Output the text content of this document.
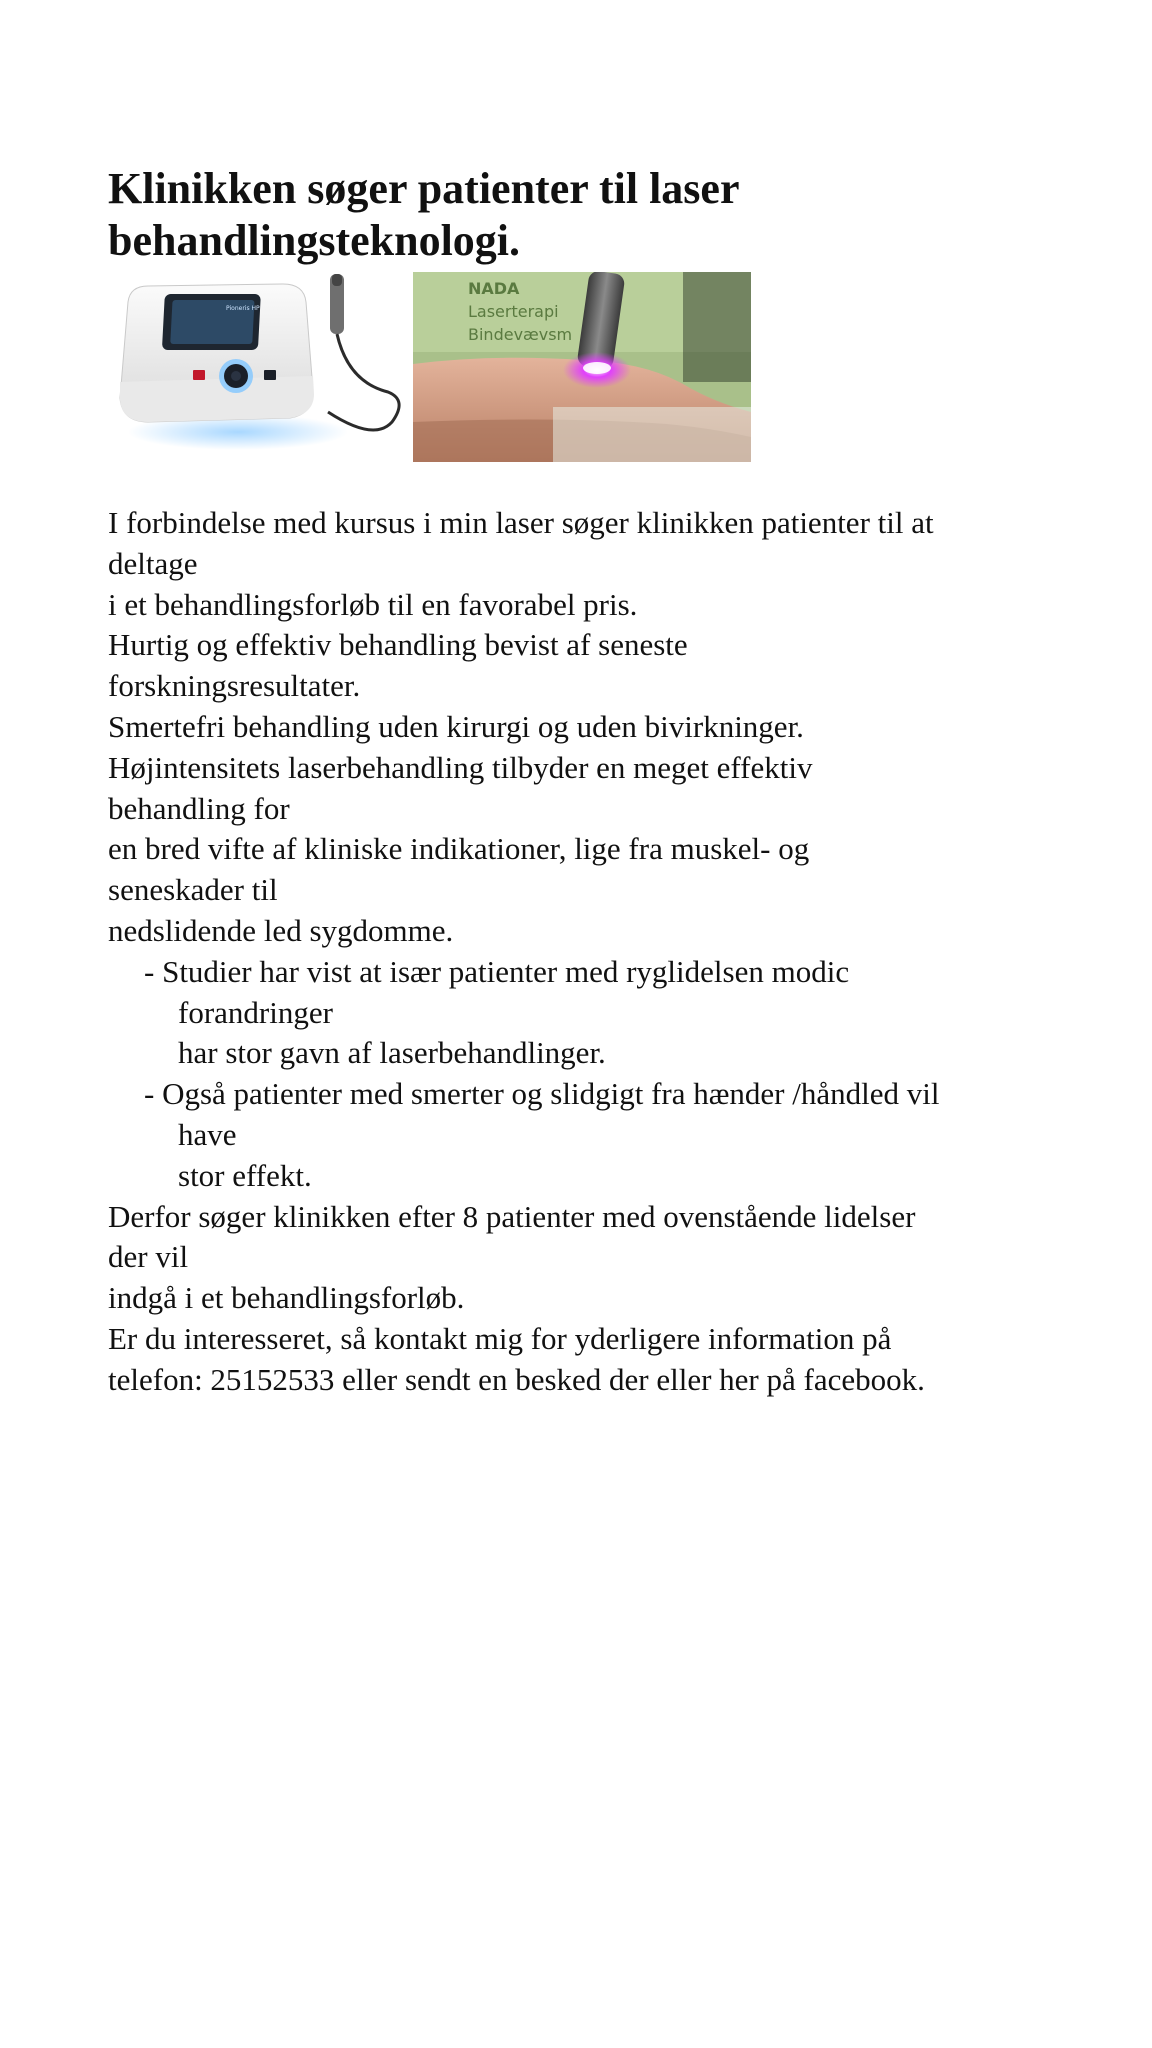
Klinikken søger patienter til laser
behandlingsteknologi.
Pioneris HP
NADA
Laserterapi
Bindevævsm
I forbindelse med kursus i min laser søger klinikken patienter til at
deltage
i et behandlingsforløb til en favorabel pris.
Hurtig og effektiv behandling bevist af seneste
forskningsresultater.
Smertefri behandling uden kirurgi og uden bivirkninger.
Højintensitets laserbehandling tilbyder en meget effektiv
behandling for
en bred vifte af kliniske indikationer, lige fra muskel- og
seneskader til
nedslidende led sygdomme.
- Studier har vist at især patienter med ryglidelsen modic
forandringer
har stor gavn af laserbehandlinger.
- Også patienter med smerter og slidgigt fra hænder /håndled vil
have
stor effekt.
Derfor søger klinikken efter 8 patienter med ovenstående lidelser
der vil
indgå i et behandlingsforløb.
Er du interesseret, så kontakt mig for yderligere information på
telefon: 25152533 eller sendt en besked der eller her på facebook.
